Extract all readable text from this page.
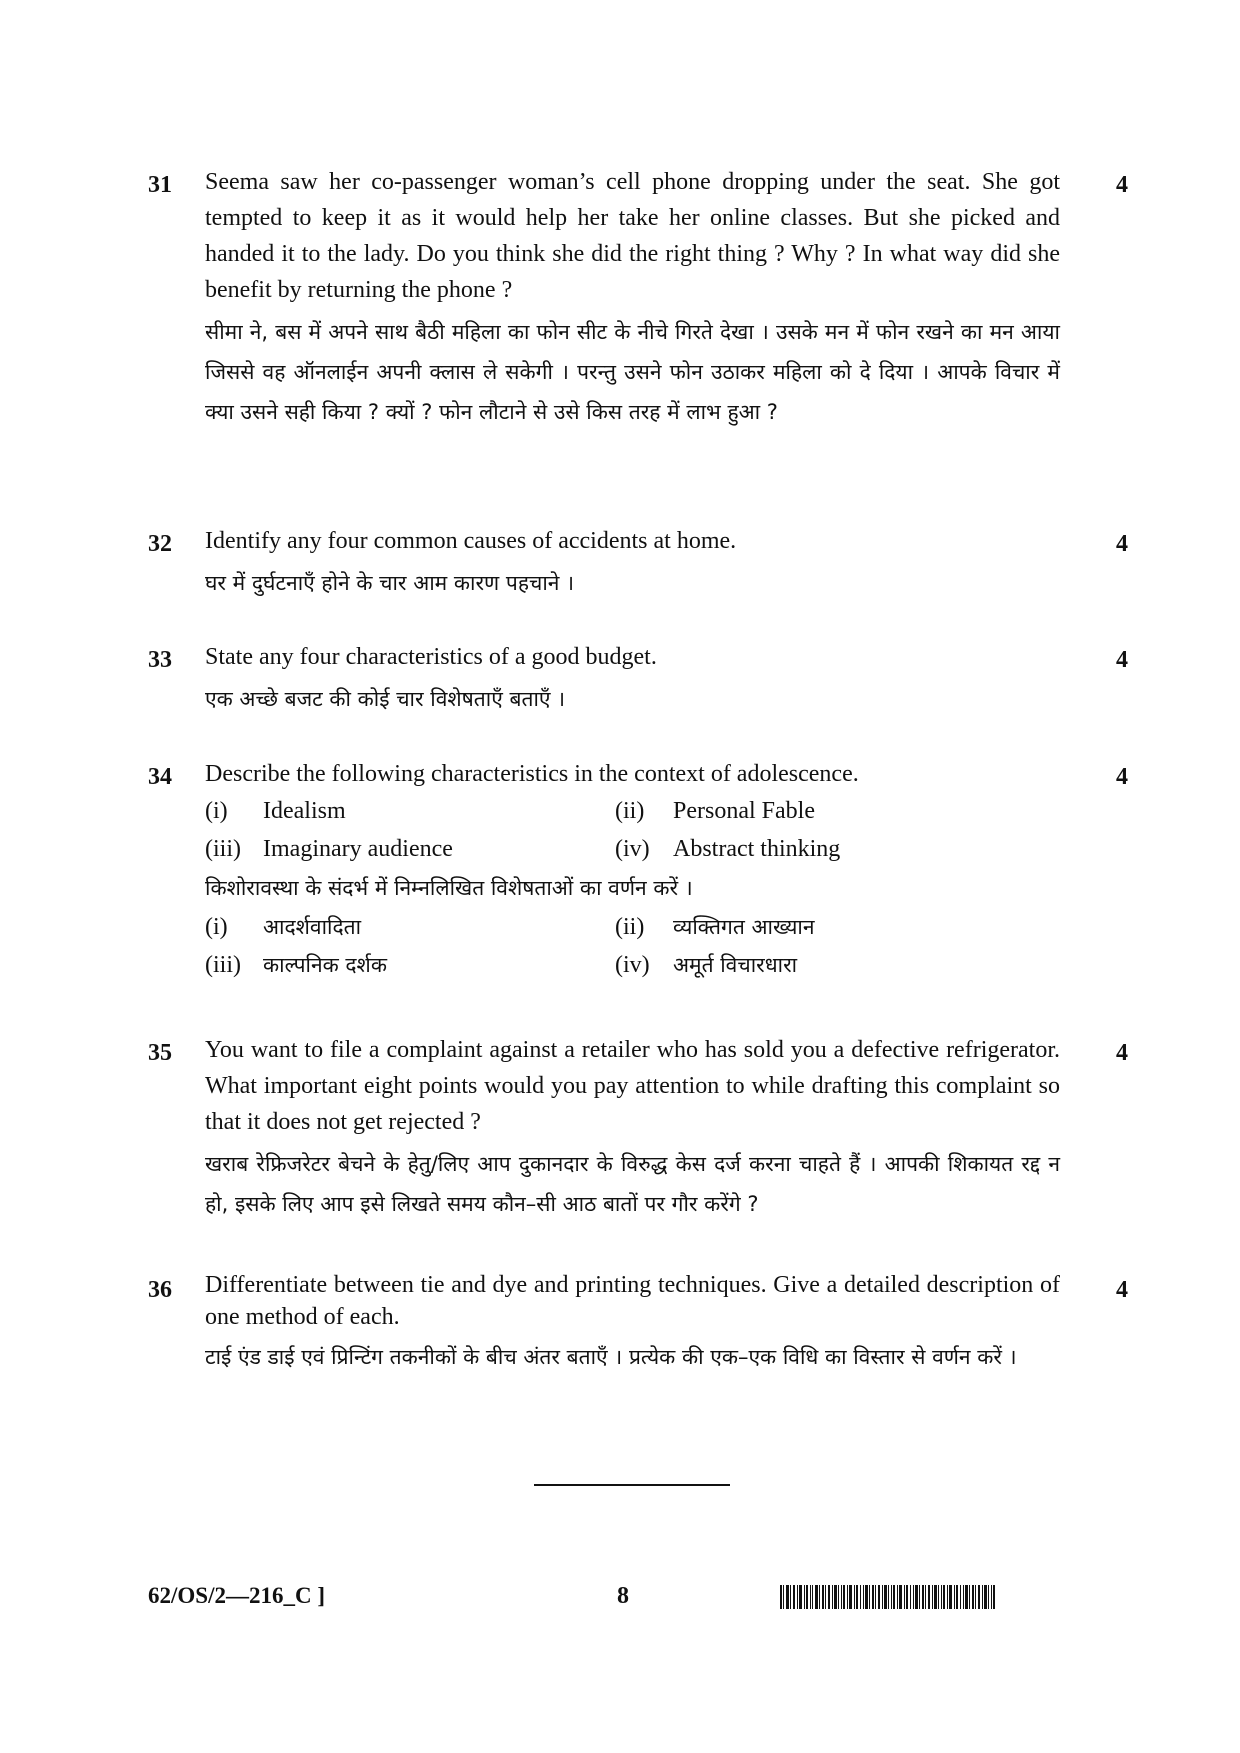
31	4

Seema saw her co-passenger woman’s cell phone dropping under the seat. She got tempted to keep it as it would help her take her online classes. But she picked and handed it to the lady. Do you think she did the right thing ? Why ? In what way did she benefit by returning the phone ?

सीमा ने, बस में अपने साथ बैठी महिला का फोन सीट के नीचे गिरते देखा । उसके मन में फोन रखने का मन आया जिससे वह ऑनलाईन अपनी क्लास ले सकेगी । परन्तु उसने फोन उठाकर महिला को दे दिया । आपके विचार में क्या उसने सही किया ? क्यों ? फोन लौटाने से उसे किस तरह में लाभ हुआ ?

32	4

Identify any four common causes of accidents at home.

घर में दुर्घटनाएँ होने के चार आम कारण पहचाने ।

33	4

State any four characteristics of a good budget.

एक अच्छे बजट की कोई चार विशेषताएँ बताएँ ।

34	4

Describe the following characteristics in the context of adolescence.

(i) Idealism	(ii) Personal Fable
(iii) Imaginary audience	(iv) Abstract thinking

किशोरावस्था के संदर्भ में निम्नलिखित विशेषताओं का वर्णन करें ।

(i) आदर्शवादिता	(ii) व्यक्तिगत आख्यान
(iii) काल्पनिक दर्शक	(iv) अमूर्त विचारधारा
35	4

You want to file a complaint against a retailer who has sold you a defective refrigerator. What important eight points would you pay attention to while drafting this complaint so that it does not get rejected ?

खराब रेफ्रिजरेटर बेचने के हेतु/लिए आप दुकानदार के विरुद्ध केस दर्ज करना चाहते हैं । आपकी शिकायत रद्द न हो, इसके लिए आप इसे लिखते समय कौन–सी आठ बातों पर गौर करेंगे ?

36	4

Differentiate between tie and dye and printing techniques. Give a detailed description of one method of each.

टाई एंड डाई एवं प्रिन्टिंग तकनीकों के बीच अंतर बताएँ । प्रत्येक की एक–एक विधि का विस्तार से वर्णन करें ।

62/OS/2—216_C ]	8
